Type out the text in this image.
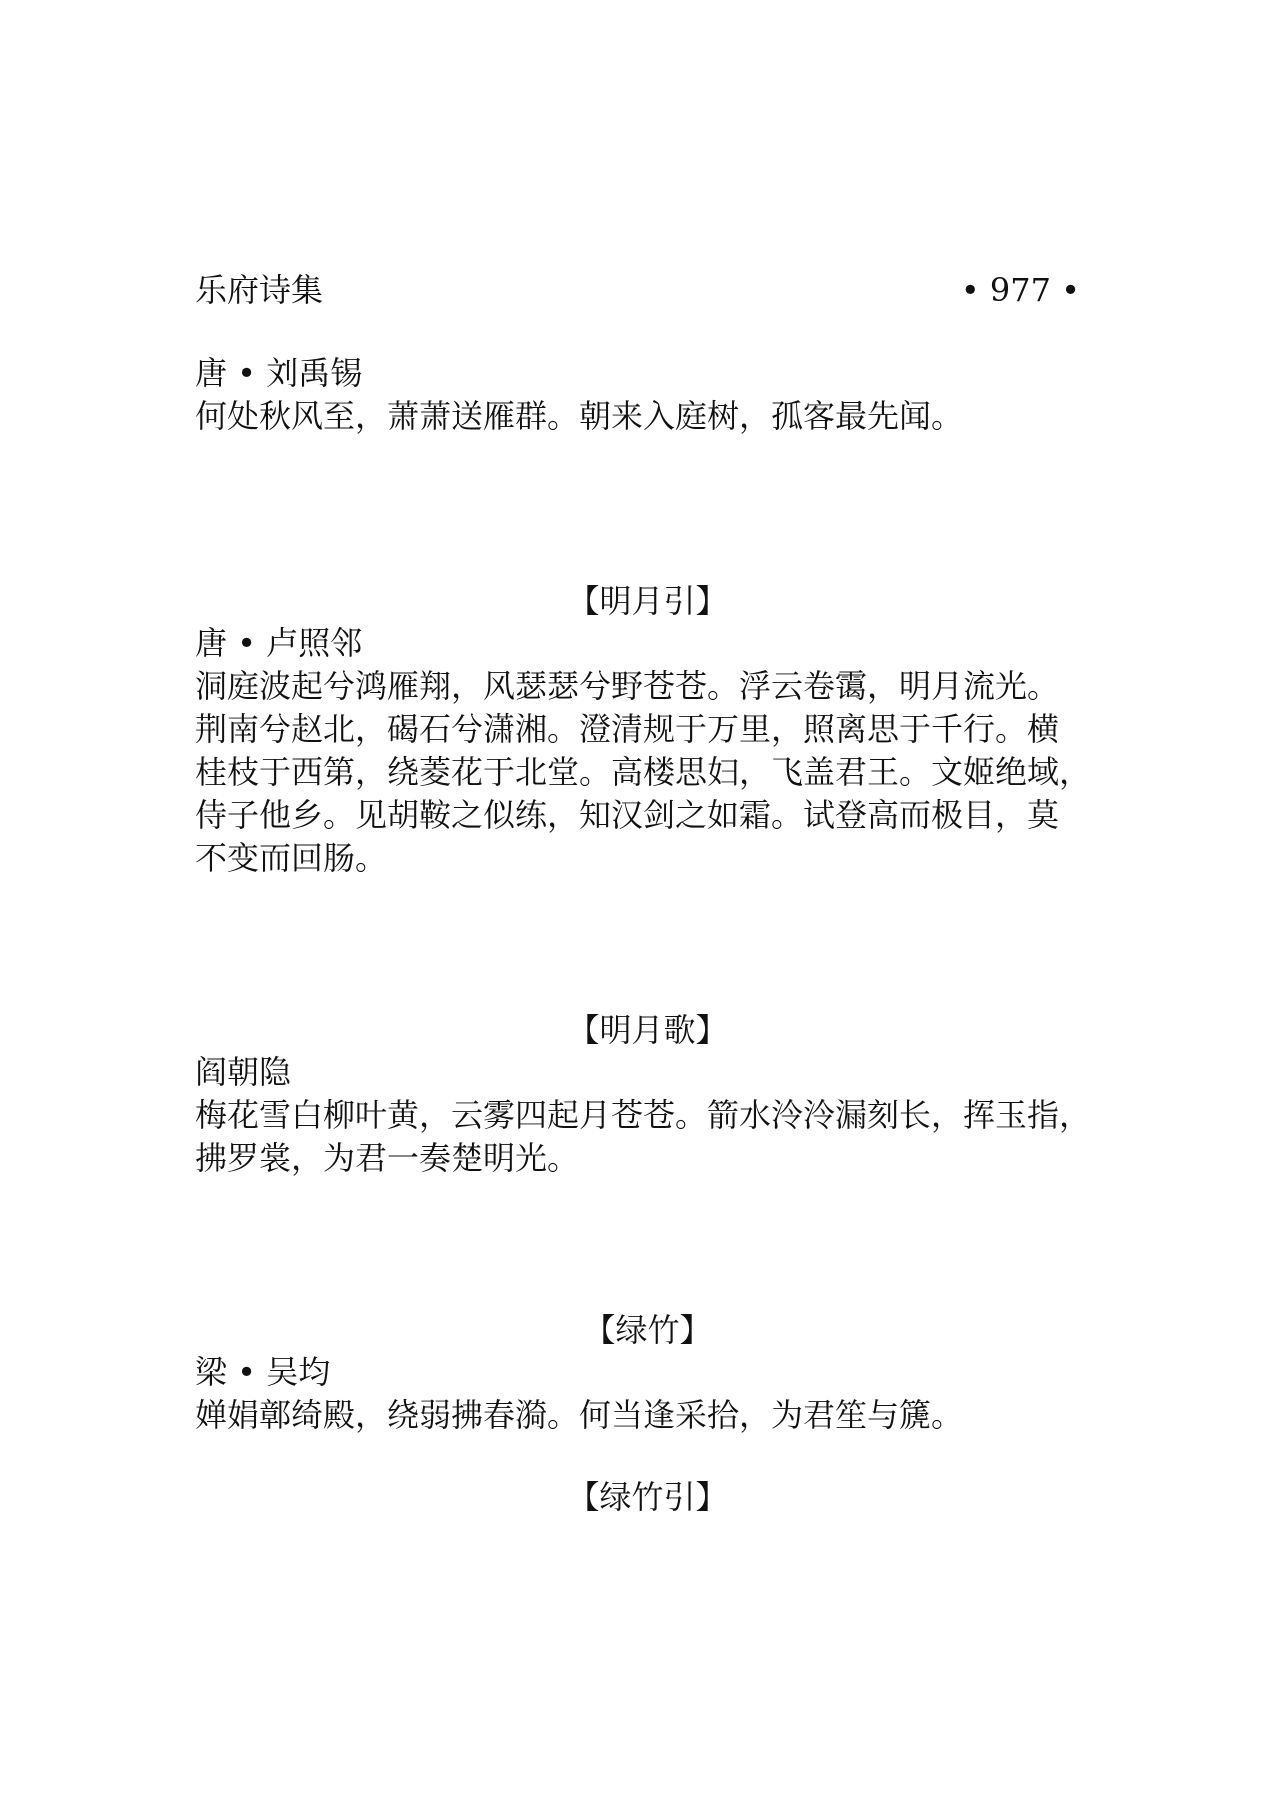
乐府诗集	• 977 •

唐 • 刘禹锡

何处秋风至，萧萧送雁群。朝来入庭树，孤客最先闻。

【明月引】

唐 • 卢照邻

洞庭波起兮鸿雁翔，风瑟瑟兮野苍苍。浮云卷霭，明月流光。

荆南兮赵北，碣石兮潇湘。澄清规于万里，照离思于千行。横

桂枝于西第，绕菱花于北堂。高楼思妇，飞盖君王。文姬绝域，

侍子他乡。见胡鞍之似练，知汉剑之如霜。试登高而极目，莫

不变而回肠。

【明月歌】

阎朝隐

梅花雪白柳叶黄，云雾四起月苍苍。箭水泠泠漏刻长，挥玉指，

拂罗裳，为君一奏楚明光。

【绿竹】

梁 • 吴均

婵娟鄣绮殿，绕弱拂春漪。何当逢采拾，为君笙与篪。

【绿竹引】
